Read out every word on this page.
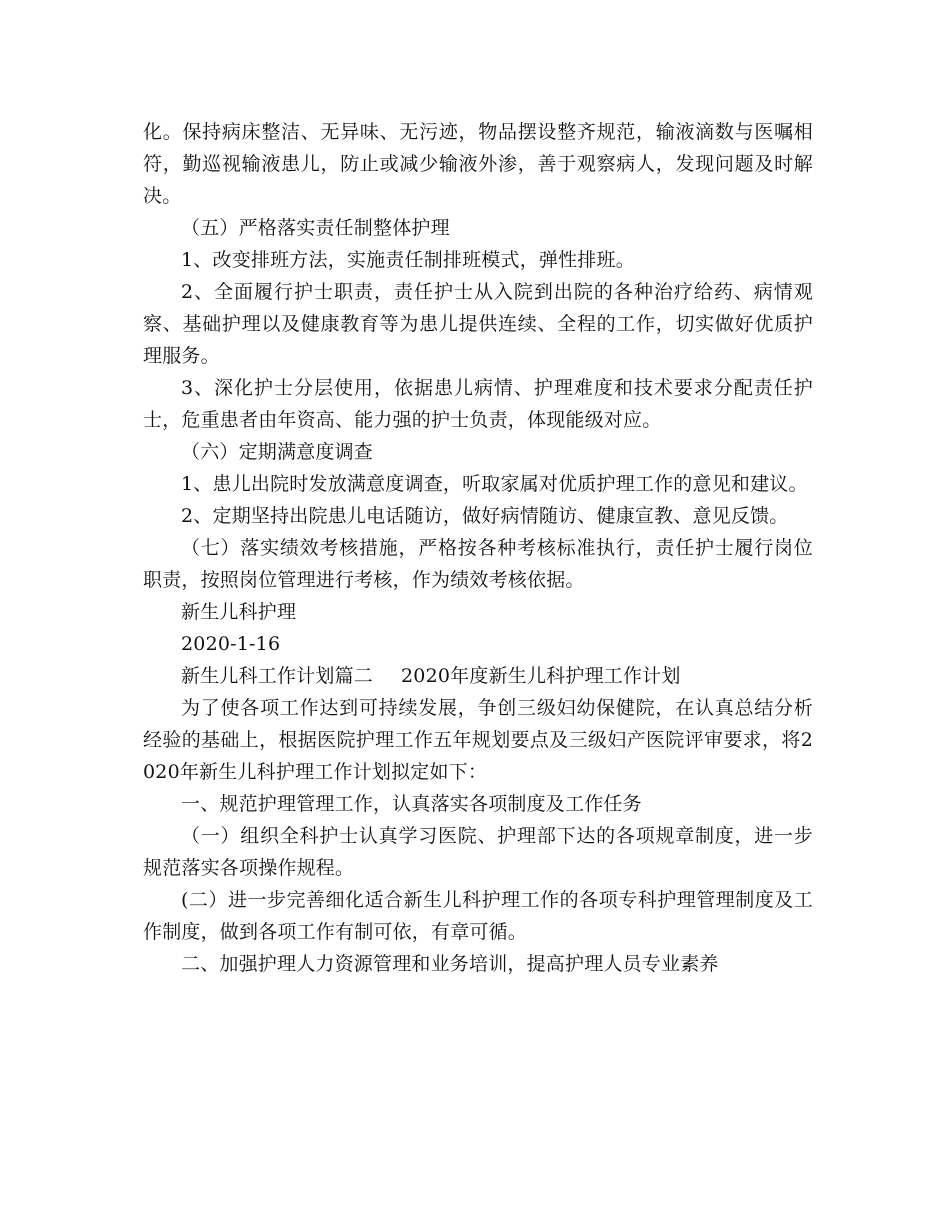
化。保持病床整洁、无异味、无污迹，物品摆设整齐规范，输液滴数与医嘱相符，勤巡视输液患儿，防止或减少输液外渗，善于观察病人，发现问题及时解决。

（五）严格落实责任制整体护理

1、改变排班方法，实施责任制排班模式，弹性排班。

2、全面履行护士职责，责任护士从入院到出院的各种治疗给药、病情观察、基础护理以及健康教育等为患儿提供连续、全程的工作，切实做好优质护理服务。

3、深化护士分层使用，依据患儿病情、护理难度和技术要求分配责任护士，危重患者由年资高、能力强的护士负责，体现能级对应。

（六）定期满意度调查

1、患儿出院时发放满意度调查，听取家属对优质护理工作的意见和建议。

2、定期坚持出院患儿电话随访，做好病情随访、健康宣教、意见反馈。

（七）落实绩效考核措施，严格按各种考核标准执行，责任护士履行岗位职责，按照岗位管理进行考核，作为绩效考核依据。

新生儿科护理

2020-1-16

新生儿科工作计划篇二 2020年度新生儿科护理工作计划

为了使各项工作达到可持续发展，争创三级妇幼保健院，在认真总结分析经验的基础上，根据医院护理工作五年规划要点及三级妇产医院评审要求，将2020年新生儿科护理工作计划拟定如下：

一、规范护理管理工作，认真落实各项制度及工作任务

（一）组织全科护士认真学习医院、护理部下达的各项规章制度，进一步规范落实各项操作规程。

(二）进一步完善细化适合新生儿科护理工作的各项专科护理管理制度及工作制度，做到各项工作有制可依，有章可循。

二、加强护理人力资源管理和业务培训，提高护理人员专业素养
